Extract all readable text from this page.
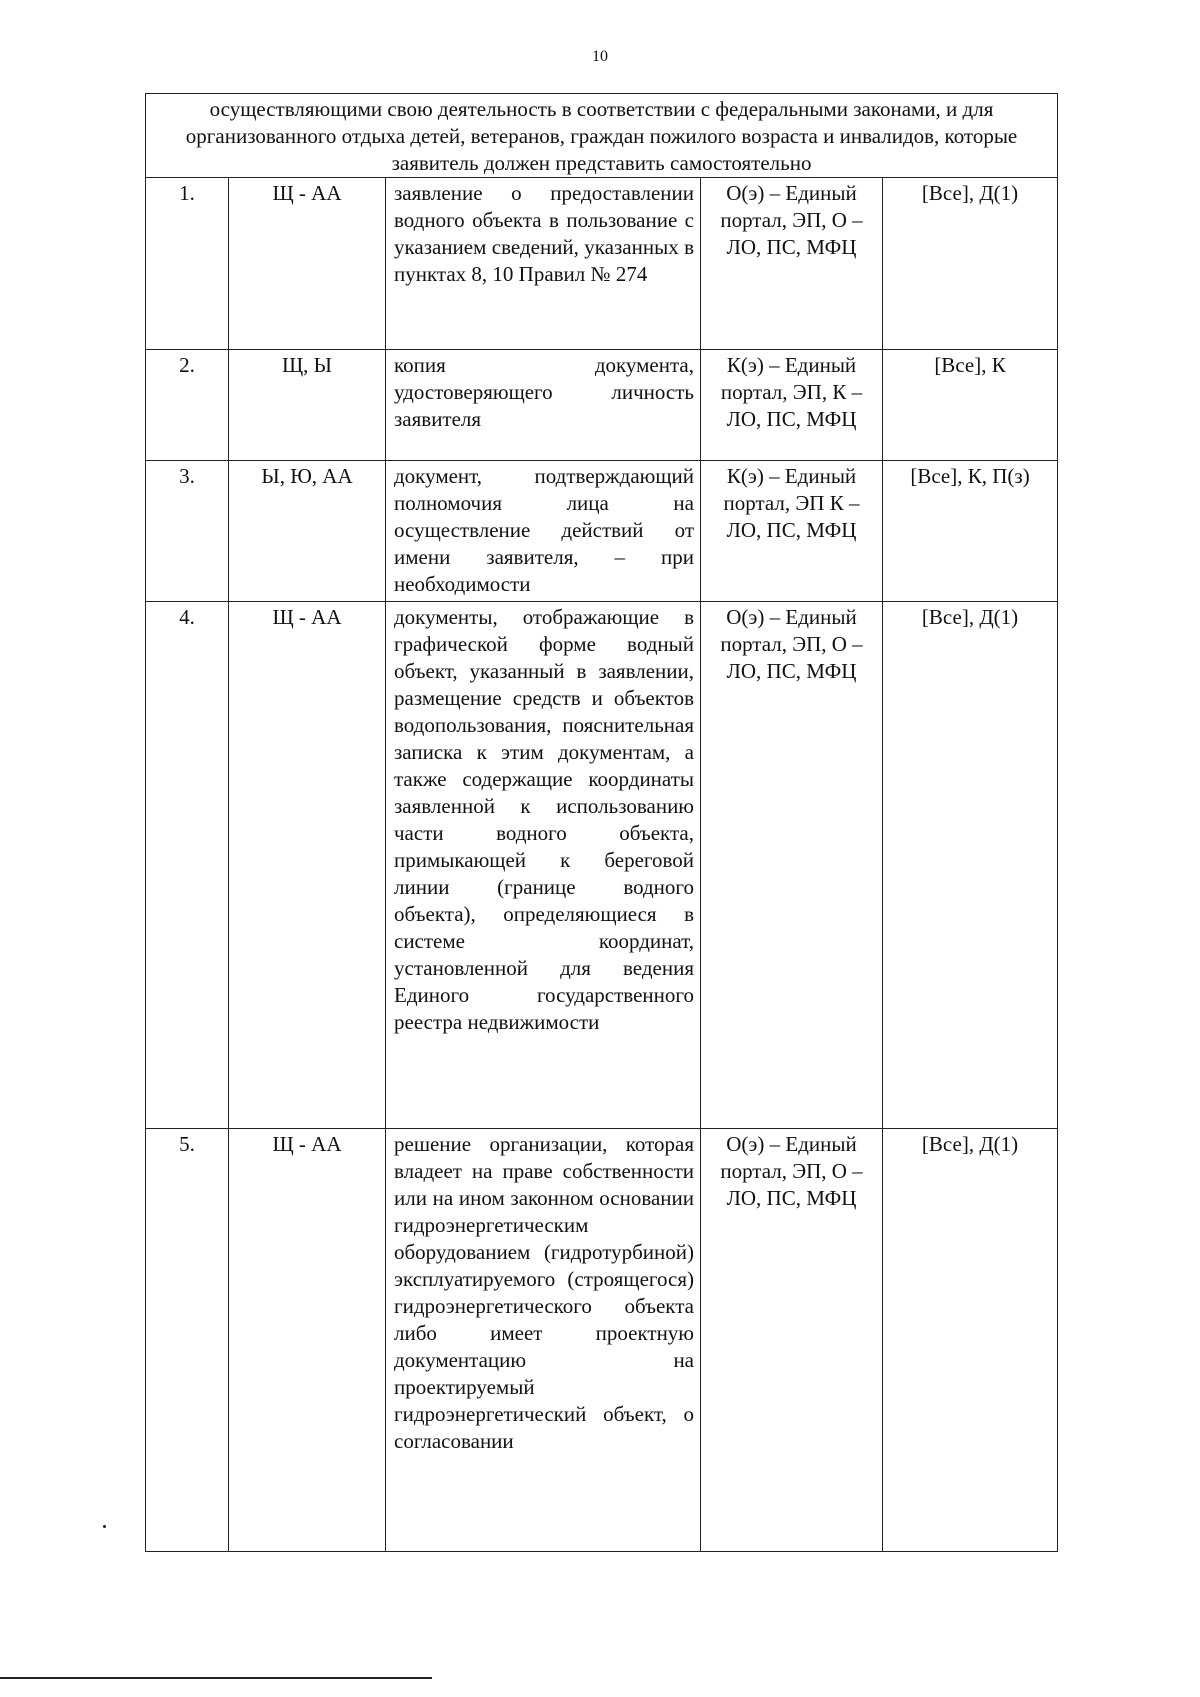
10
осуществляющими свою деятельность в соответствии с федеральными законами, и для организованного отдыха детей, ветеранов, граждан пожилого возраста и инвалидов, которые заявитель должен представить самостоятельно				
1.	Щ - АА	заявление о предоставлении водного объекта в пользование с указанием сведений, указанных в пунктах 8, 10 Правил № 274	О(э) – Единый портал, ЭП, О – ЛО, ПС, МФЦ	[Все], Д(1)
2.	Щ, Ы	копия документа, удостоверяющего личность заявителя	К(э) – Единый портал, ЭП, К – ЛО, ПС, МФЦ	[Все], К
3.	Ы, Ю, АА	документ, подтверждающий полномочия лица на осуществление действий от имени заявителя, – при необходимости	К(э) – Единый портал, ЭП К – ЛО, ПС, МФЦ	[Все], К, П(з)
4.	Щ - АА	документы, отображающие в графической форме водный объект, указанный в заявлении, размещение средств и объектов водопользования, пояснительная записка к этим документам, а также содержащие координаты заявленной к использованию части водного объекта, примыкающей к береговой линии (границе водного объекта), определяющиеся в системе координат, установленной для ведения Единого государственного реестра недвижимости	О(э) – Единый портал, ЭП, О – ЛО, ПС, МФЦ	[Все], Д(1)
5.	Щ - АА	решение организации, которая владеет на праве собственности или на ином законном основании гидроэнергетическим оборудованием (гидротурбиной) эксплуатируемого (строящегося) гидроэнергетического объекта либо имеет проектную документацию на проектируемый гидроэнергетический объект, о согласовании	О(э) – Единый портал, ЭП, О – ЛО, ПС, МФЦ	[Все], Д(1)
